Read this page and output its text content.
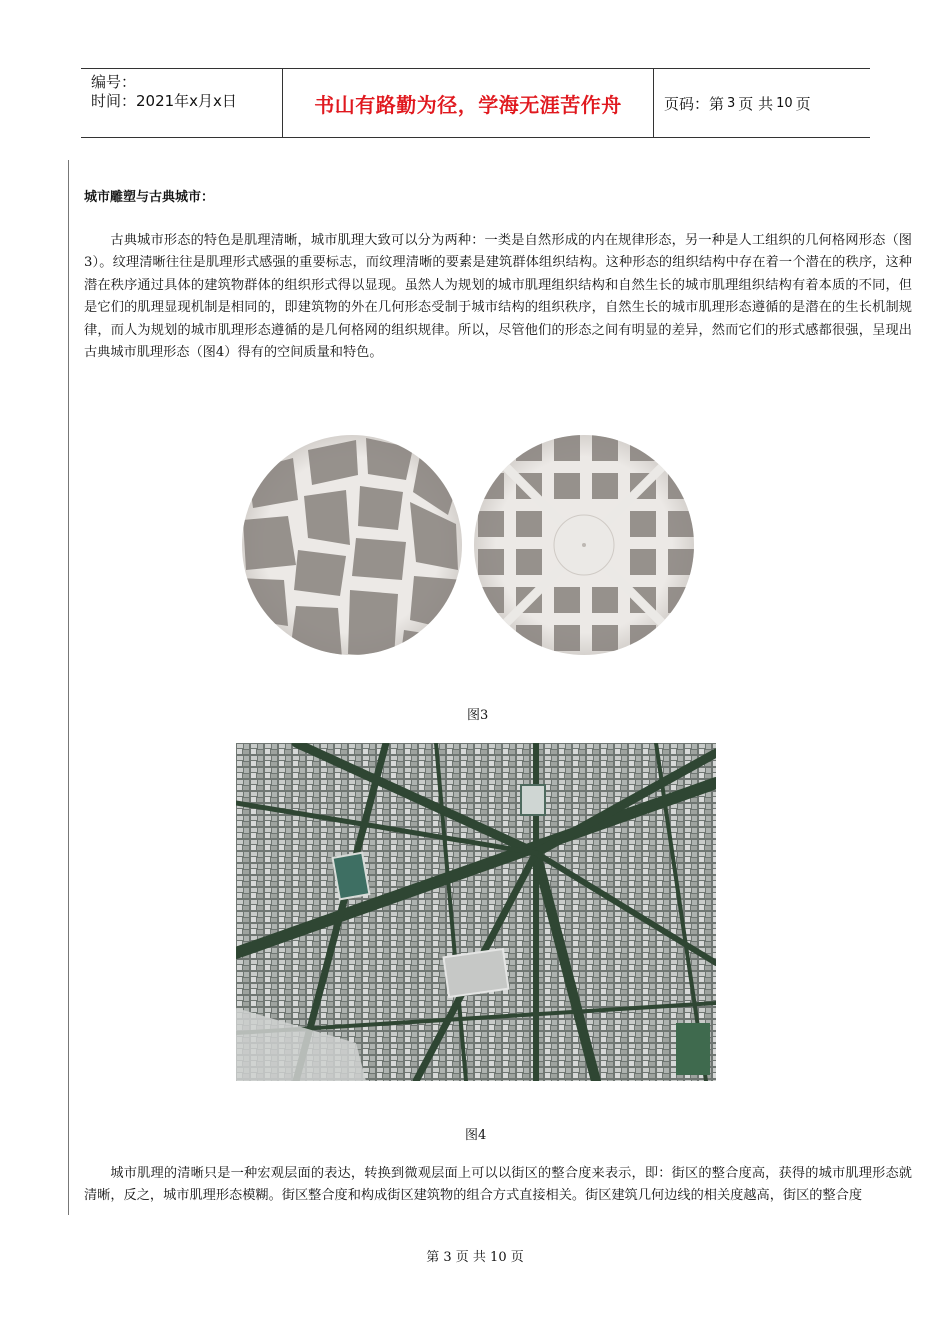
编号：
时间：2021年x月x日	书山有路勤为径，学海无涯苦作舟	页码：第 3 页 共 10 页
城市雕塑与古典城市：

古典城市形态的特色是肌理清晰，城市肌理大致可以分为两种：一类是自然形成的内在规律形态，另一种是人工组织的几何格网形态（图3）。纹理清晰往往是肌理形式感强的重要标志，而纹理清晰的要素是建筑群体组织结构。这种形态的组织结构中存在着一个潜在的秩序，这种潜在秩序通过具体的建筑物群体的组织形式得以显现。虽然人为规划的城市肌理组织结构和自然生长的城市肌理组织结构有着本质的不同，但是它们的肌理显现机制是相同的，即建筑物的外在几何形态受制于城市结构的组织秩序，自然生长的城市肌理形态遵循的是潜在的生长机制规律，而人为规划的城市肌理形态遵循的是几何格网的组织规律。所以，尽管他们的形态之间有明显的差异，然而它们的形式感都很强，呈现出古典城市肌理形态（图4）得有的空间质量和特色。

图3
图4

城市肌理的清晰只是一种宏观层面的表达，转换到微观层面上可以以街区的整合度来表示，即：街区的整合度高，获得的城市肌理形态就清晰，反之，城市肌理形态模糊。街区整合度和构成街区建筑物的组合方式直接相关。街区建筑几何边线的相关度越高，街区的整合度

第 3 页 共 10 页
